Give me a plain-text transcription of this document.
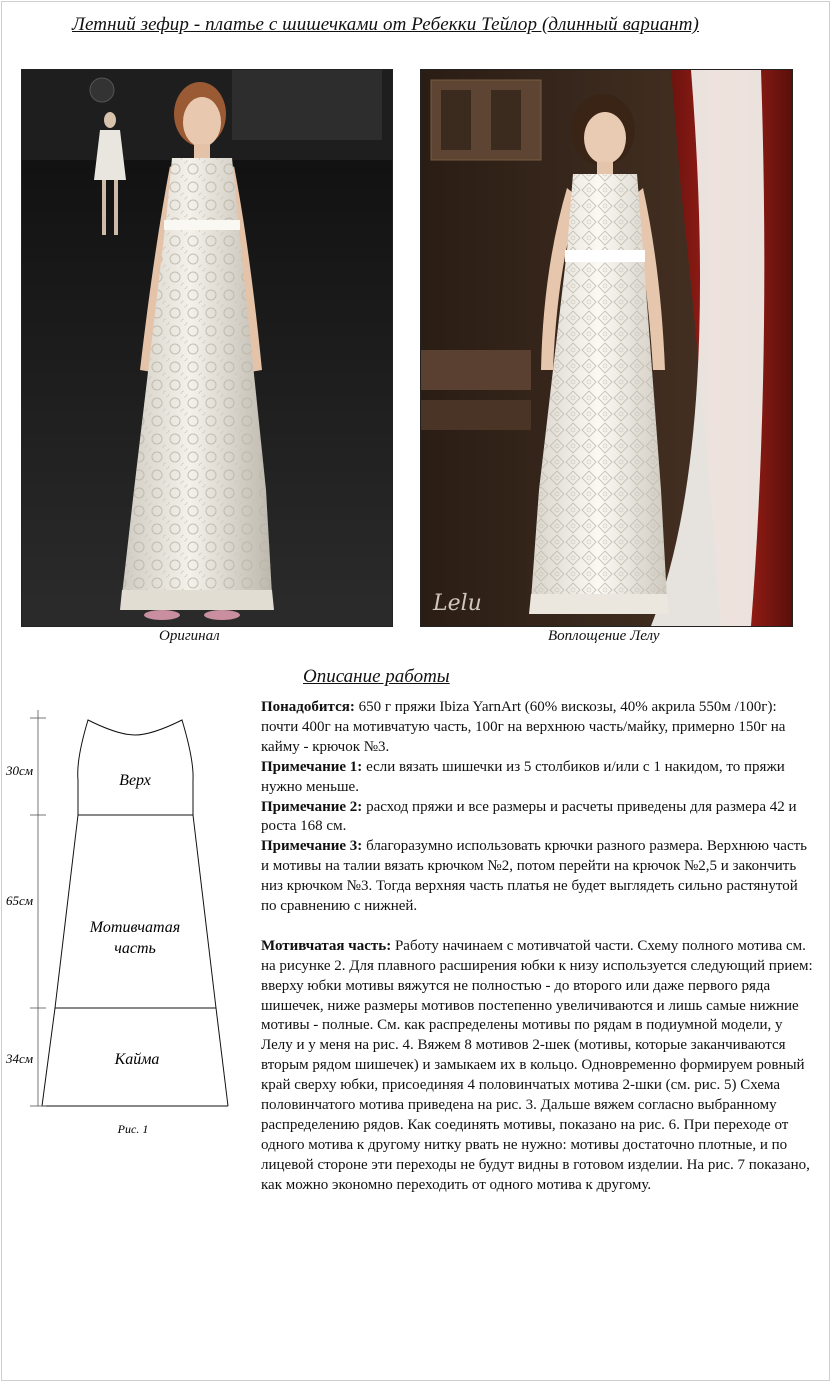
Летний зефир - платье с шишечками от Ребекки Тейлор (длинный вариант)
Lelu
Оригинал	Воплощение Лелу
Описание работы
30см
65см
34см
Верх
Мотивчатая
часть
Кайма
Рис. 1

Понадобится: 650 г пряжи Ibiza YarnArt (60% вискозы, 40% акрила 550м /100г): почти 400г на мотивчатую часть, 100г на верхнюю часть/майку, примерно 150г на кайму - крючок №3.

Примечание 1: если вязать шишечки из 5 столбиков и/или с 1 накидом, то пряжи нужно меньше.

Примечание 2: расход пряжи и все размеры и расчеты приведены для размера 42 и роста 168 см.

Примечание 3: благоразумно использовать крючки разного размера. Верхнюю часть и мотивы на талии вязать крючком №2, потом перейти на крючок №2,5 и закончить низ крючком №3. Тогда верхняя часть платья не будет выглядеть сильно растянутой по сравнению с нижней.

Мотивчатая часть: Работу начинаем с мотивчатой части. Схему полного мотива см. на рисунке 2. Для плавного расширения юбки к низу используется следующий прием: вверху юбки мотивы вяжутся не полностью - до второго или даже первого ряда шишечек, ниже размеры мотивов постепенно увеличиваются и лишь самые нижние мотивы - полные. См. как распределены мотивы по рядам в подиумной модели, у Лелу и у меня на рис. 4. Вяжем 8 мотивов 2-шек (мотивы, которые заканчиваются вторым рядом шишечек) и замыкаем их в кольцо. Одновременно формируем ровный край сверху юбки, присоединяя 4 половинчатых мотива 2-шки (см. рис. 5) Схема половинчатого мотива приведена на рис. 3. Дальше вяжем согласно выбранному распределению рядов. Как соединять мотивы, показано на рис. 6. При переходе от одного мотива к другому нитку рвать не нужно: мотивы достаточно плотные, и по лицевой стороне эти переходы не будут видны в готовом изделии. На рис. 7 показано, как можно экономно переходить от одного мотива к другому.
